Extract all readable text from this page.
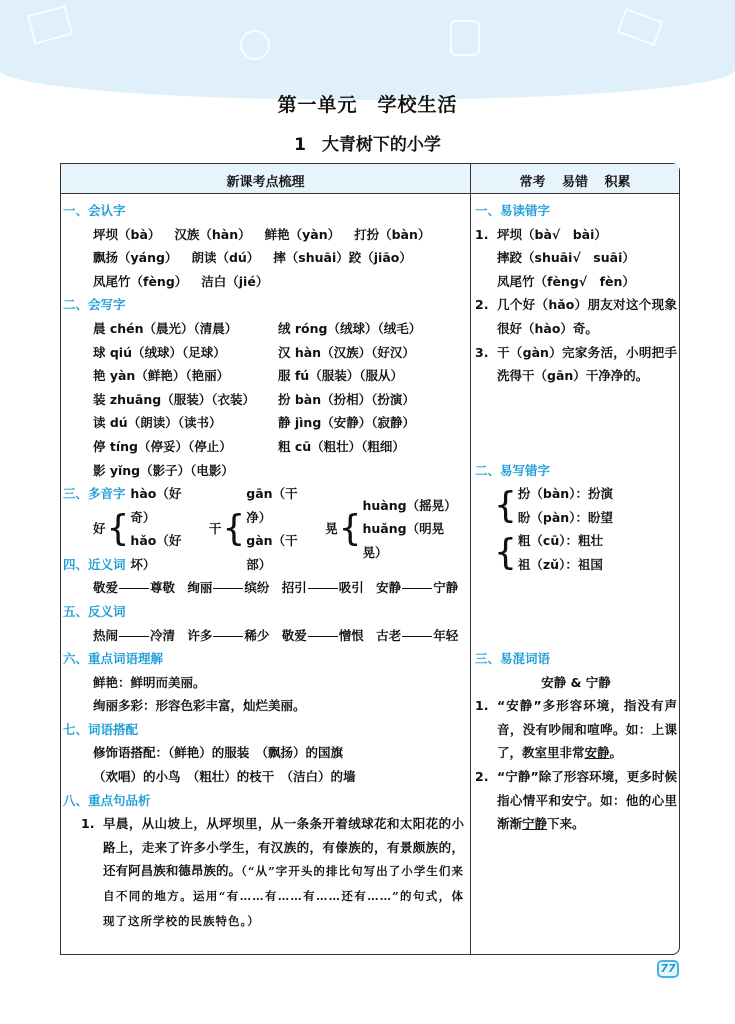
第一单元 学校生活
1 大青树下的小学
新课考点梳理	常考 易错 积累
一、会认字
坪坝（bà） 汉族（hàn） 鲜艳（yàn） 打扮（bàn）
飘扬（yáng） 朗读（dú） 摔（shuāi）跤（jiāo）
凤尾竹（fèng） 洁白（jié）
二、会写字
晨 chén（晨光）（清晨）	绒 róng（绒球）（绒毛）
球 qiú（绒球）（足球）	汉 hàn（汉族）（好汉）
艳 yàn（鲜艳）（艳丽）	服 fú（服装）（服从）
装 zhuāng（服装）（衣装）	扮 bàn（扮相）（扮演）
读 dú（朗读）（读书）	静 jìng（安静）（寂静）
停 tíng（停妥）（停止）	粗 cū（粗壮）（粗细）
影 yǐng（影子）（电影）
三、多音字
好 {
hào（好奇）
hǎo（好坏）
干 {
gān（干净）
gàn（干部）
晃 {
huàng（摇晃）
huǎng（明晃晃）
四、近义词
敬爱	尊敬 绚丽	缤纷 招引	吸引 安静	宁静
五、反义词
热闹	冷清 许多	稀少 敬爱	憎恨 古老	年轻
六、重点词语理解
鲜艳：鲜明而美丽。
绚丽多彩：形容色彩丰富，灿烂美丽。
七、词语搭配
修饰语搭配：（鲜艳）的服装　（飘扬）的国旗
（欢唱）的小鸟　（粗壮）的枝干　（洁白）的墙
八、重点句品析
1. 早晨，从山坡上，从坪坝里，从一条条开着绒球花和太阳花的小路上，走来了许多小学生，有汉族的，有傣族的，有景颇族的，还有阿昌族和德昂族的。（“从”字开头的排比句写出了小学生们来自不同的地方。运用“有……有……有……还有……”的句式，体现了这所学校的民族特色。）
一、易读错字
1. 坪坝（bà√　bài）
摔跤（shuāi√　suāi）
凤尾竹（fèng√　fèn）
2. 几个好（hǎo）朋友对这个现象很好（hào）奇。
3. 干（gàn）完家务活，小明把手洗得干（gān）干净净的。
二、易写错字
{ 扮（bàn）：扮演
盼（pàn）：盼望
{ 粗（cū）：粗壮
祖（zǔ）：祖国
三、易混词语
安静 & 宁静
1. “安静”多形容环境，指没有声音，没有吵闹和喧哗。如：上课了，教室里非常安静。
2. “宁静”除了形容环境，更多时候指心情平和安宁。如：他的心里渐渐宁静下来。
77
